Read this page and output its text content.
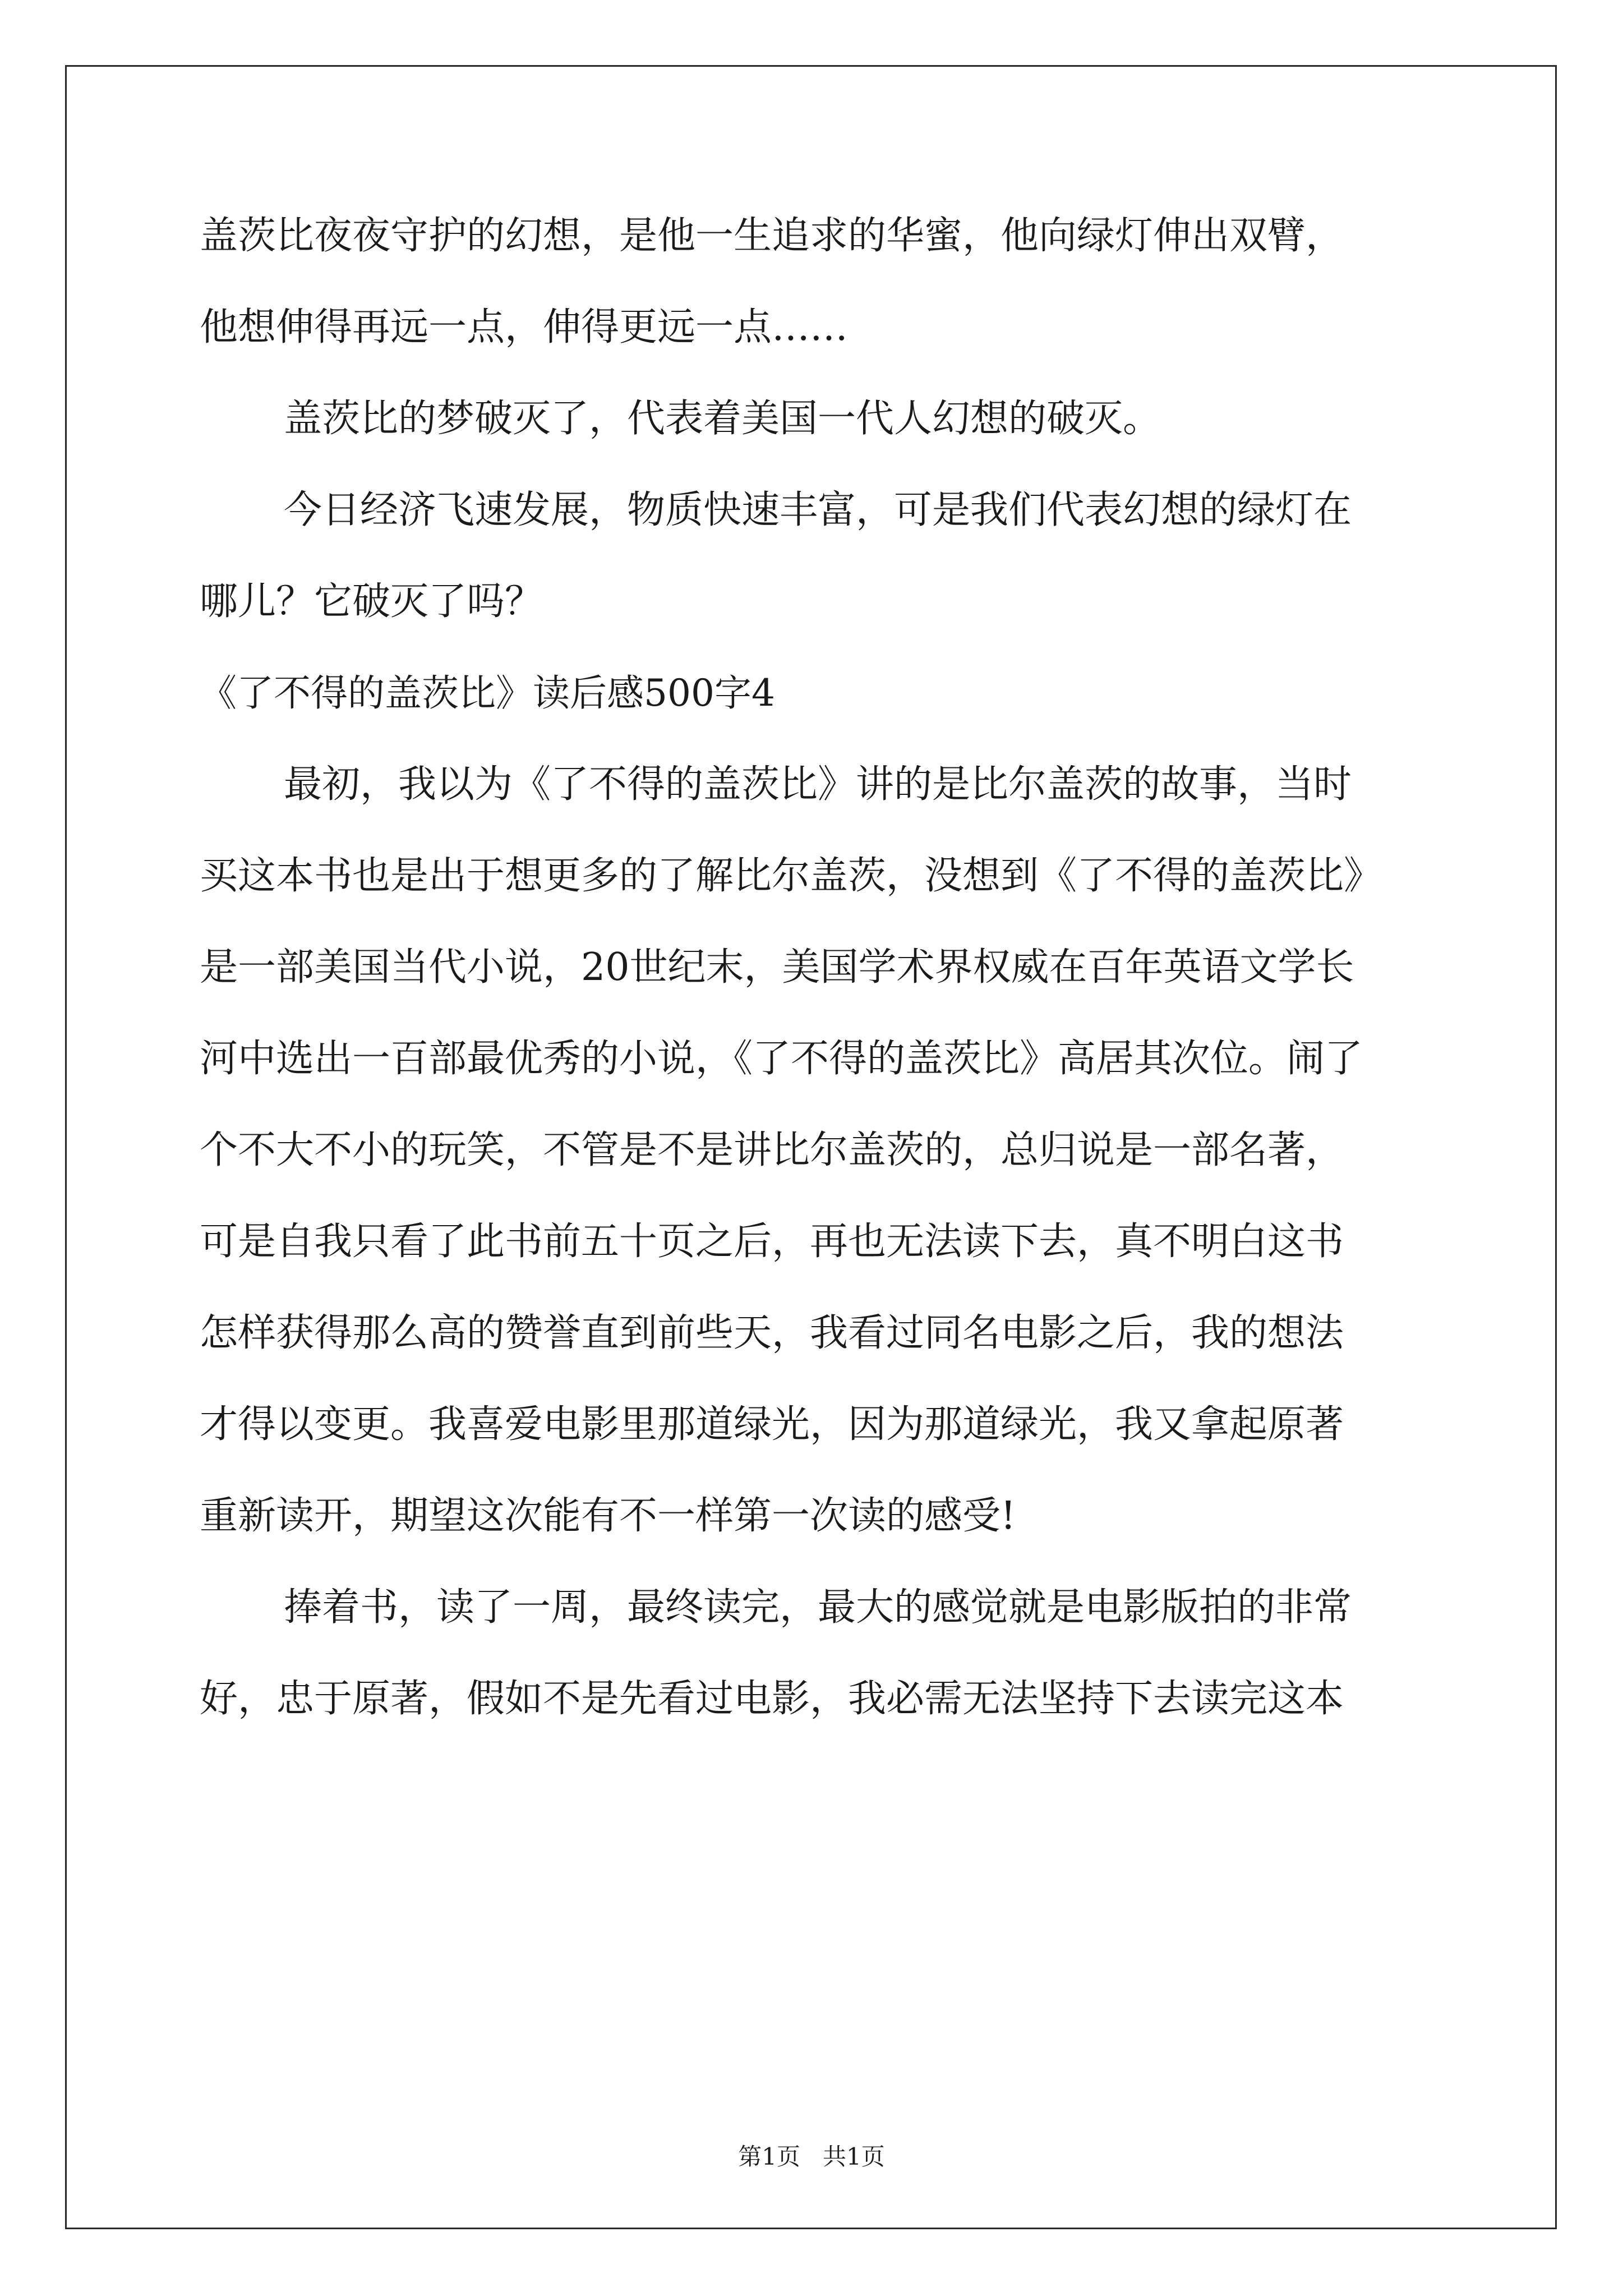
盖茨比夜夜守护的幻想，是他一生追求的华蜜，他向绿灯伸出双臂，
他想伸得再远一点，伸得更远一点……
盖茨比的梦破灭了，代表着美国一代人幻想的破灭。
今日经济飞速发展，物质快速丰富，可是我们代表幻想的绿灯在
哪儿？它破灭了吗？
《了不得的盖茨比》读后感500字4
最初，我以为《了不得的盖茨比》讲的是比尔盖茨的故事，当时
买这本书也是出于想更多的了解比尔盖茨，没想到《了不得的盖茨比》
是一部美国当代小说，20世纪末，美国学术界权威在百年英语文学长
河中选出一百部最优秀的小说，《了不得的盖茨比》高居其次位。闹了
个不大不小的玩笑，不管是不是讲比尔盖茨的，总归说是一部名著，
可是自我只看了此书前五十页之后，再也无法读下去，真不明白这书
怎样获得那么高的赞誉直到前些天，我看过同名电影之后，我的想法
才得以变更。我喜爱电影里那道绿光，因为那道绿光，我又拿起原著
重新读开，期望这次能有不一样第一次读的感受!
捧着书，读了一周，最终读完，最大的感觉就是电影版拍的非常
好，忠于原著，假如不是先看过电影，我必需无法坚持下去读完这本
第1页   共1页
